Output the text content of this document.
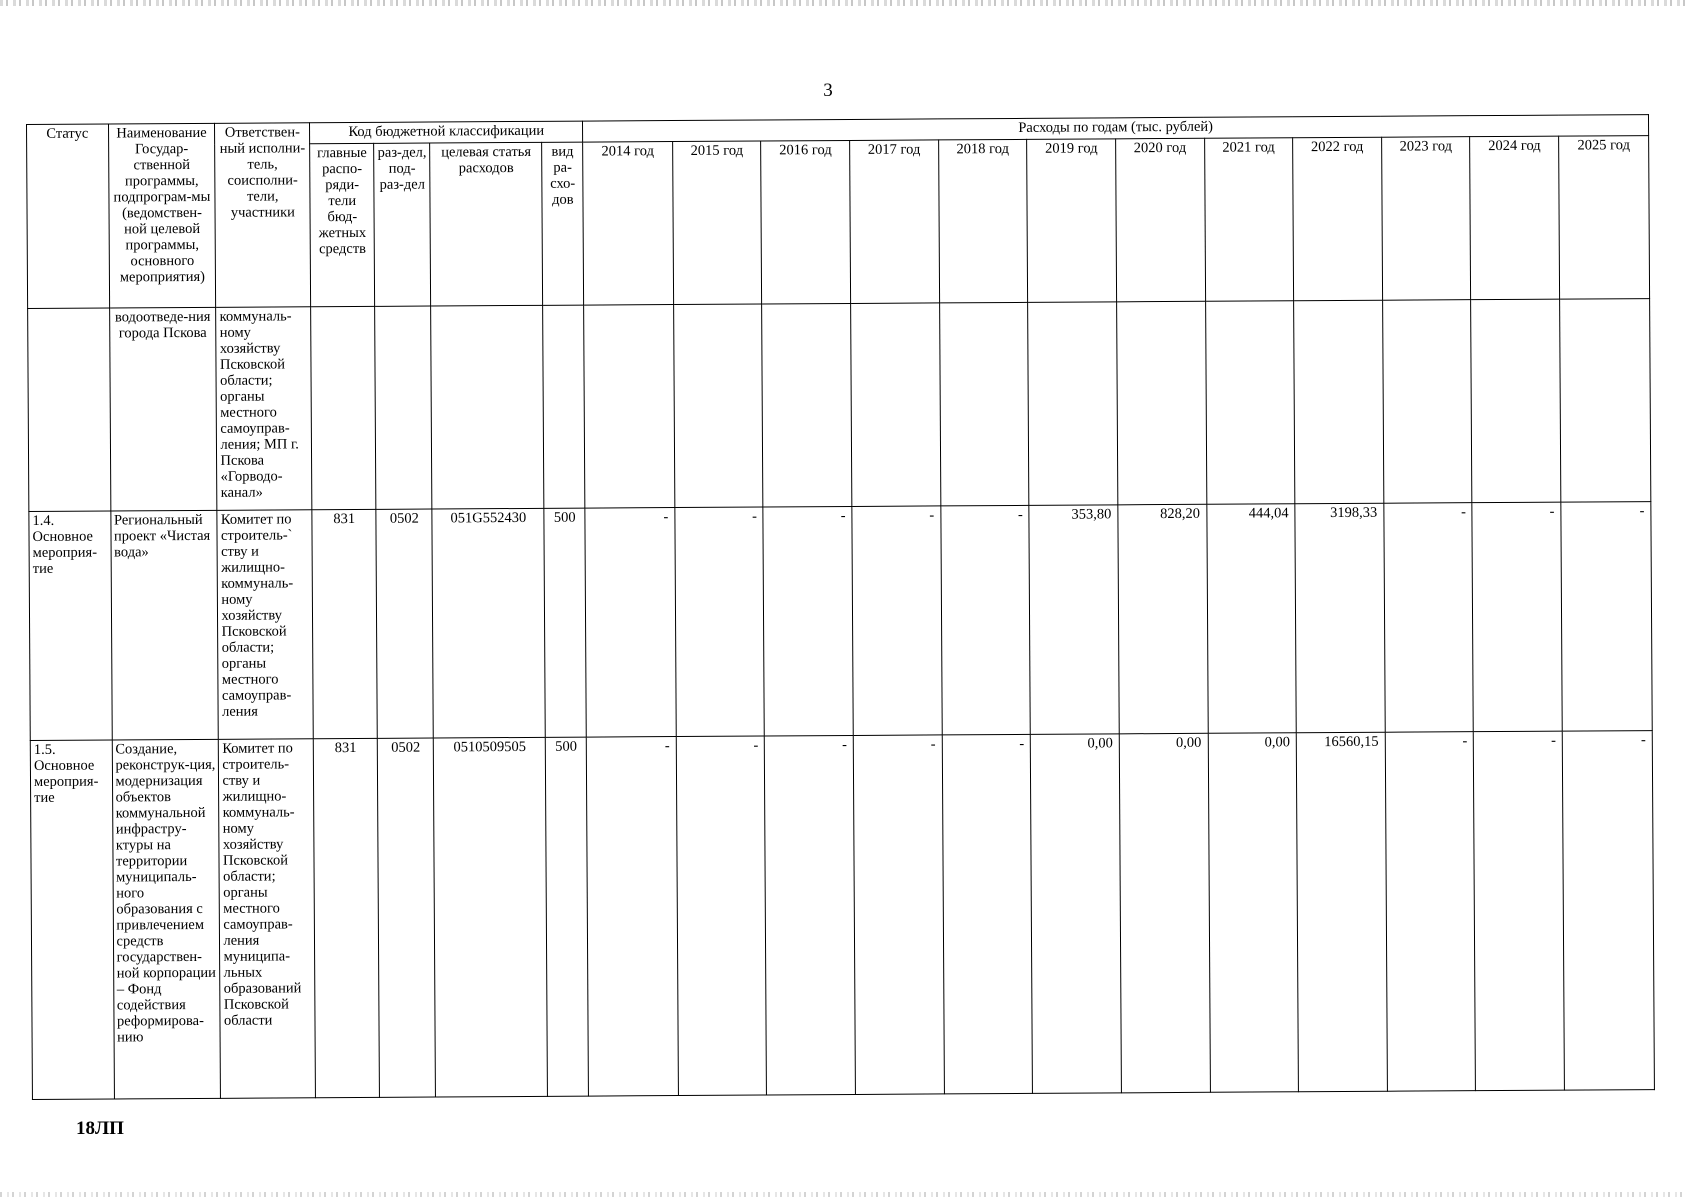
3
Статус	Наименование Государ-ственной программы, подпрограм-мы (ведомствен-ной целевой программы, основного мероприятия)	Ответствен-ный исполни-тель, соисполни-тели, участники	Код бюджетной классификации				Расходы по годам (тыс. рублей)											
			главные распо-ряди-тели бюд-жетных средств	раз-дел, под-раз-дел	целевая статья расходов	вид ра-схо-дов	2014 год	2015 год	2016 год	2017 год	2018 год	2019 год	2020 год	2021 год	2022 год	2023 год	2024 год	2025 год
	водоотведе-ния города Пскова	коммуналь-ному хозяйству Псковской области; органы местного самоуправ-ления; МП г. Пскова «Горводо-канал»																
1.4. Основное мероприя-тие	Региональный проект «Чистая вода»	Комитет по строитель-` ству и жилищно-коммуналь-ному хозяйству Псковской области; органы местного самоуправ-ления	831	0502	051G552430	500	-	-	-	-	-	353,80	828,20	444,04	3198,33	-	-	-
1.5. Основное мероприя-тие	Создание, реконструк-ция, модернизация объектов коммунальной инфрастру-ктуры на территории муниципаль-ного образования с привлечением средств государствен-ной корпорации – Фонд содействия реформирова-нию	Комитет по строитель-ству и жилищно-коммуналь-ному хозяйству Псковской области; органы местного самоуправ-ления муниципа-льных образований Псковской области	831	0502	0510509505	500	-	-	-	-	-	0,00	0,00	0,00	16560,15	-	-	-
18ЛП
